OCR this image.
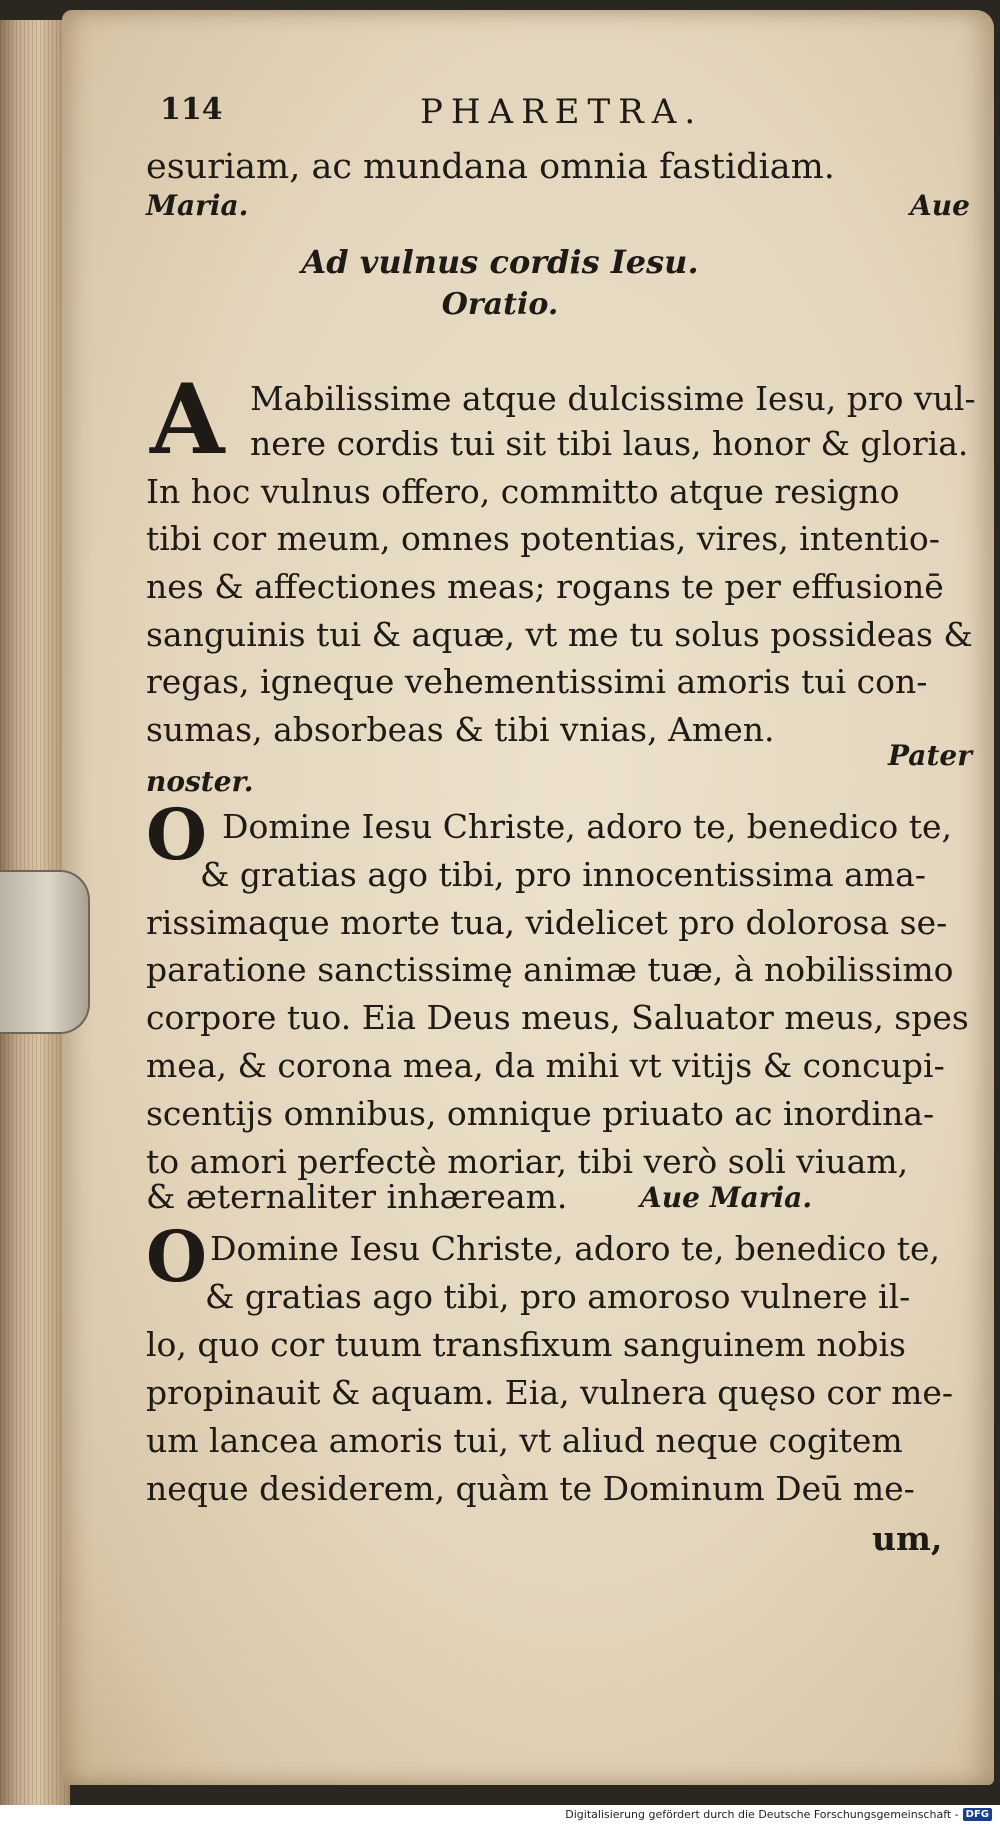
114	PHARETRA.
esuriam, ac mundana omnia fastidiam.
Aue
Maria.
Ad vulnus cordis Iesu.
Oratio.
A Mabilissime atque dulcissime Iesu, pro vul-
nere cordis tui sit tibi laus, honor & gloria.
In hoc vulnus offero, committo atque resigno
tibi cor meum, omnes potentias, vires, intentio-
nes & affectiones meas; rogans te per effusionē
sanguinis tui & aquæ, vt me tu solus possideas &
regas, igneque vehementissimi amoris tui con-
sumas, absorbeas & tibi vnias, Amen.
Pater
noster.
O Domine Iesu Christe, adoro te, benedico te,
& gratias ago tibi, pro innocentissima ama-
rissimaque morte tua, videlicet pro dolorosa se-
paratione sanctissimę animæ tuæ, à nobilissimo
corpore tuo. Eia Deus meus, Saluator meus, spes
mea, & corona mea, da mihi vt vitijs & concupi-
scentijs omnibus, omnique priuato ac inordina-
to amori perfectè moriar, tibi verò soli viuam,
& æternaliter inhæream.	Aue Maria.
O Domine Iesu Christe, adoro te, benedico te,
& gratias ago tibi, pro amoroso vulnere il-
lo, quo cor tuum transfixum sanguinem nobis
propinauit & aquam. Eia, vulnera quęso cor me-
um lancea amoris tui, vt aliud neque cogitem
neque desiderem, quàm te Dominum Deū me-
um,
Digitalisierung gefördert durch die Deutsche Forschungsgemeinschaft - DFG
